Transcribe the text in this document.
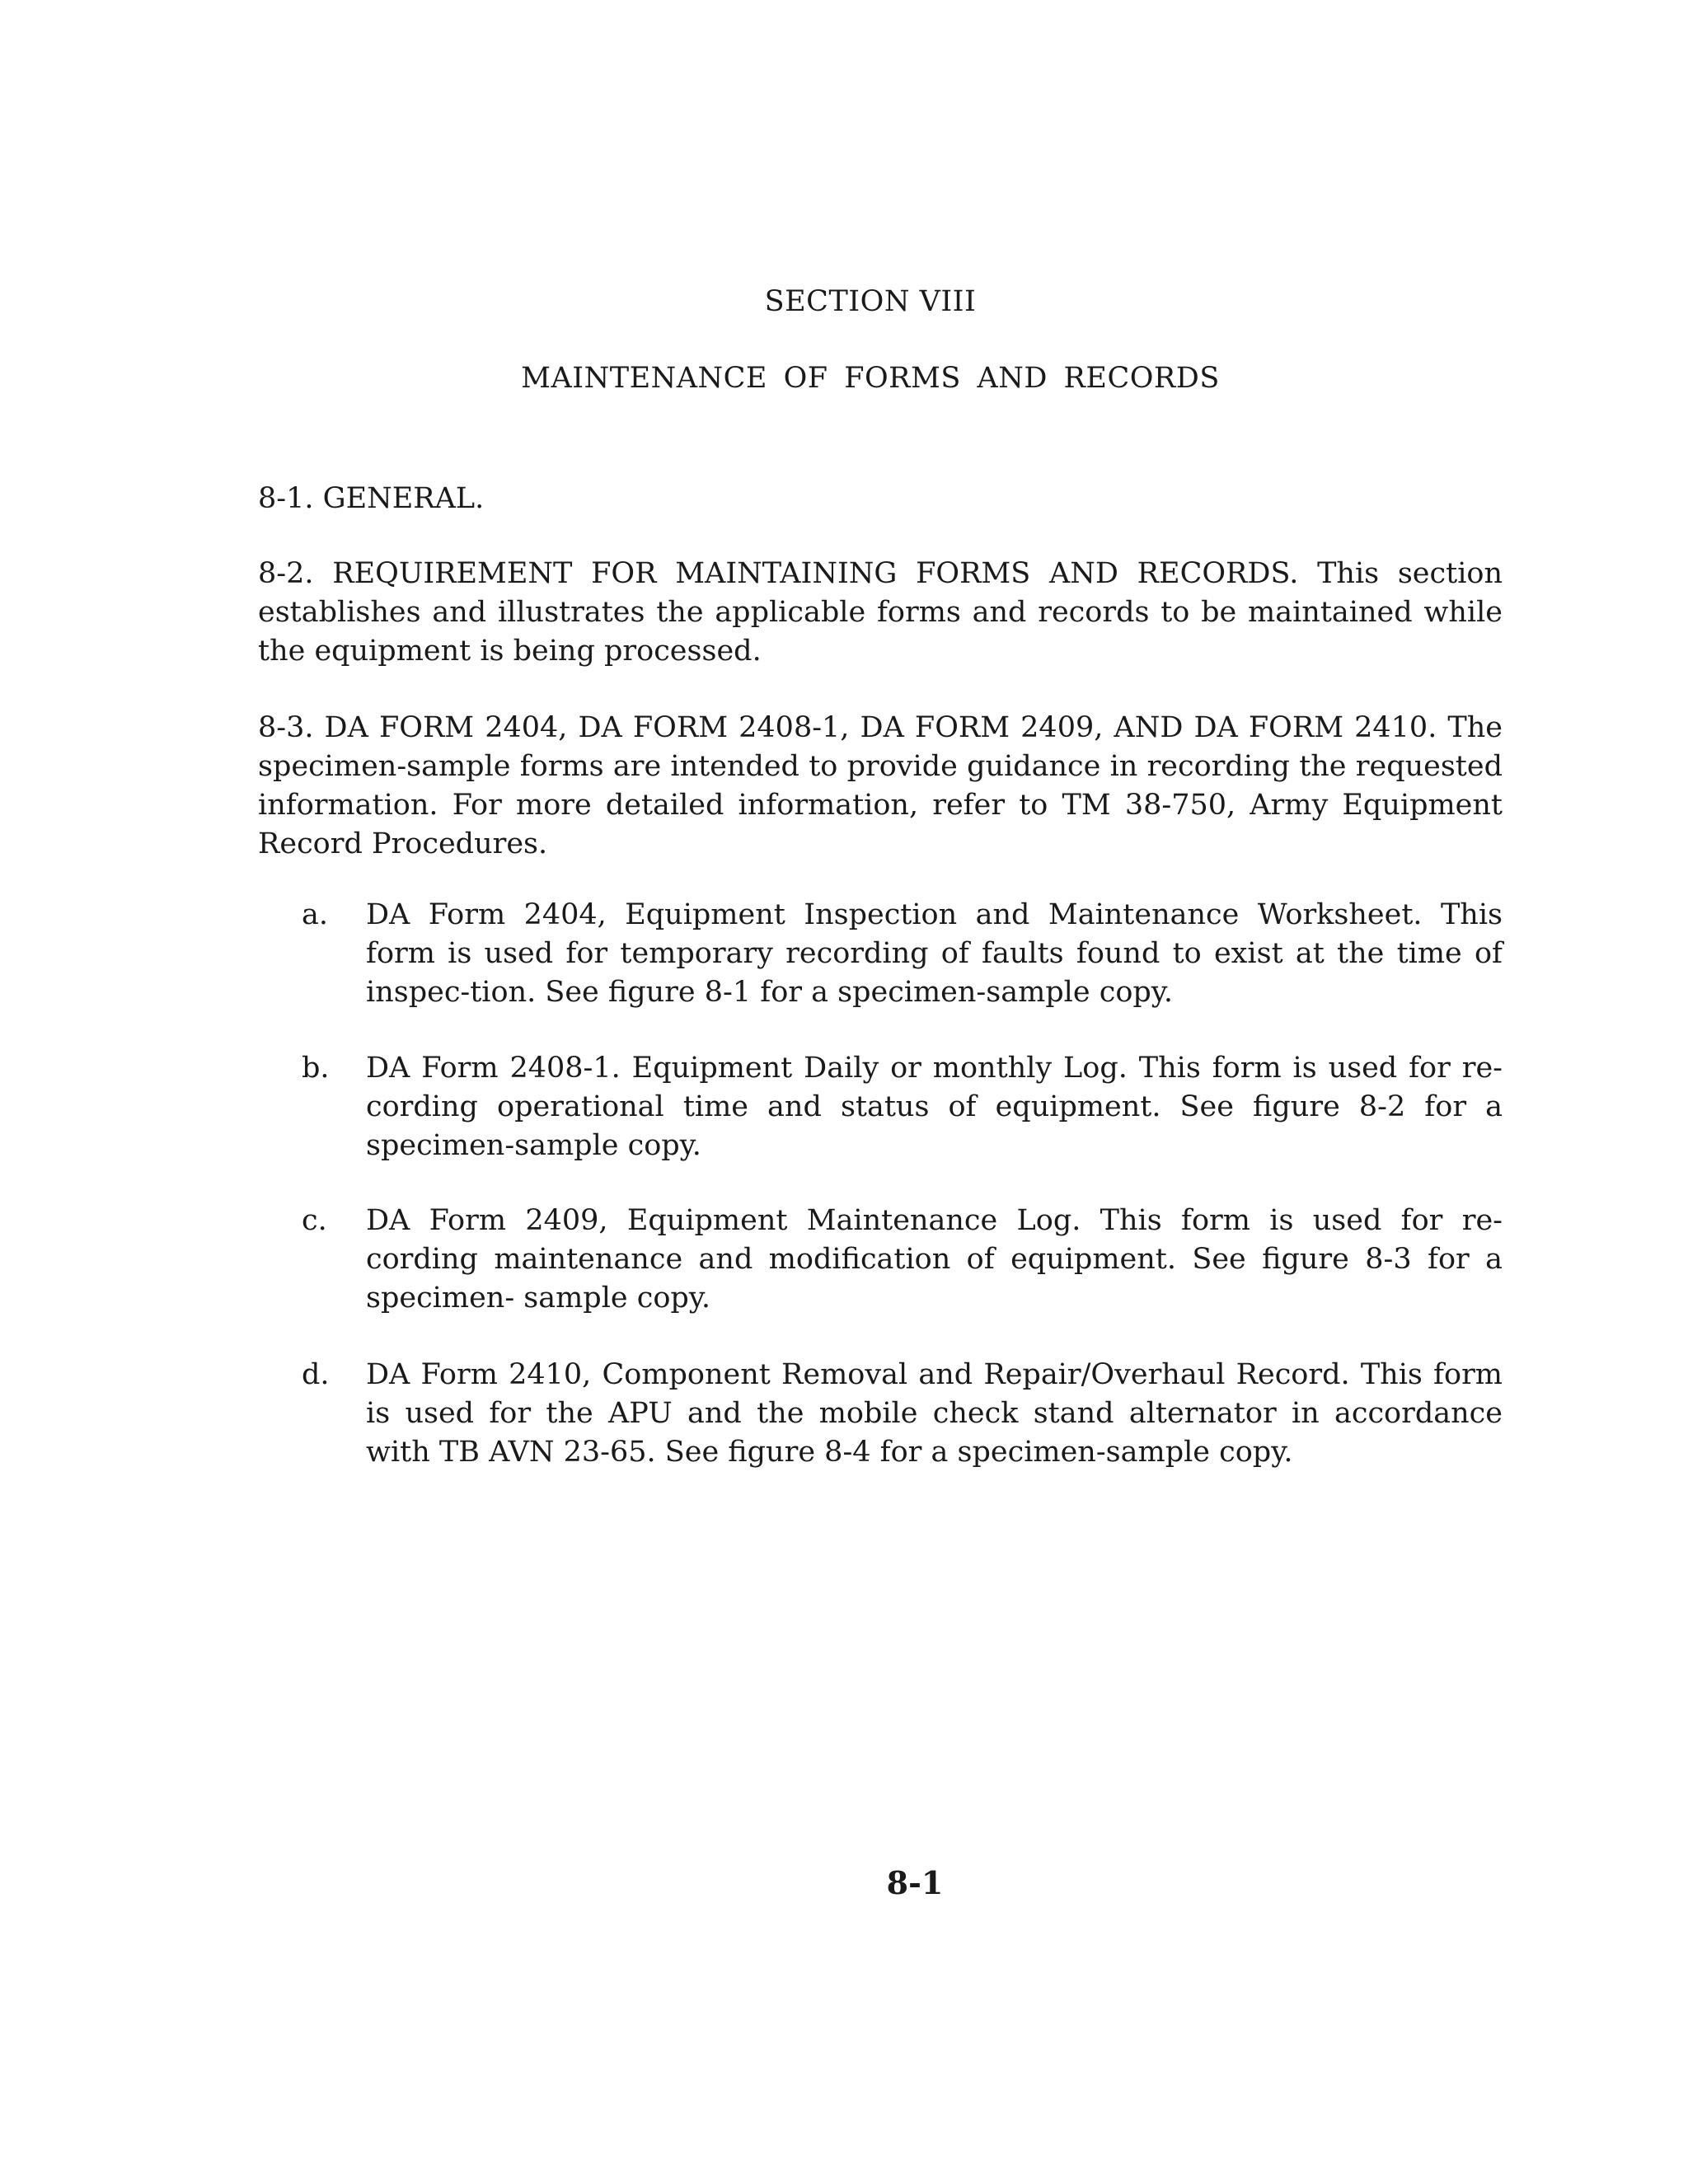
SECTION VIII
MAINTENANCE OF FORMS AND RECORDS
8-1. GENERAL.
8-2. REQUIREMENT FOR MAINTAINING FORMS AND RECORDS. This section establishes and illustrates the applicable forms and records to be maintained while the equipment is being processed.
8-3. DA FORM 2404, DA FORM 2408-1, DA FORM 2409, AND DA FORM 2410. The specimen-sample forms are intended to provide guidance in recording the requested information. For more detailed information, refer to TM 38-750, Army Equipment Record Procedures.
a. DA Form 2404, Equipment Inspection and Maintenance Worksheet. This form is used for temporary recording of faults found to exist at the time of inspec-tion. See figure 8-1 for a specimen-sample copy.
b. DA Form 2408-1. Equipment Daily or monthly Log. This form is used for re-cording operational time and status of equipment. See figure 8-2 for a specimen-sample copy.
c. DA Form 2409, Equipment Maintenance Log. This form is used for re-cording maintenance and modification of equipment. See figure 8-3 for a specimen- sample copy.
d. DA Form 2410, Component Removal and Repair/Overhaul Record. This form is used for the APU and the mobile check stand alternator in accordance with TB AVN 23-65. See figure 8-4 for a specimen-sample copy.
8-1
